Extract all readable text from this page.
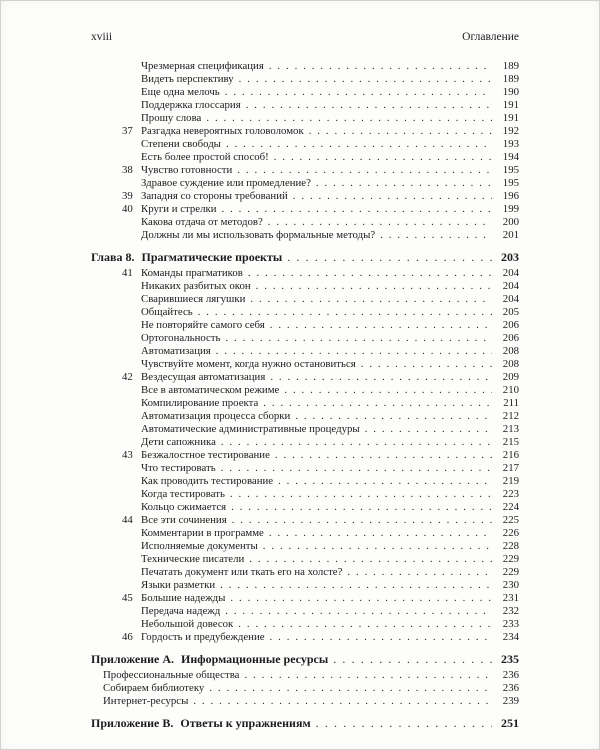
xviii	Оглавление
Чрезмерная спецификация . . .	189
Видеть перспективу . . .	189
Еще одна мелочь . . .	190
Поддержка глоссария . . .	191
Прошу слова . . .	191
37 Разгадка невероятных головоломок . . .	192
Степени свободы . . .	193
Есть более простой способ! . . .	194
38 Чувство готовности . . .	195
Здравое суждение или промедление? . . .	195
39 Западня со стороны требований . . .	196
40 Круги и стрелки . . .	199
Какова отдача от методов? . . .	200
Должны ли мы использовать формальные методы? . . .	201
Глава 8. Прагматические проекты . . .	203
41 Команды прагматиков . . .	204
Никаких разбитых окон . . .	204
Сварившиеся лягушки . . .	204
Общайтесь . . .	205
Не повторяйте самого себя . . .	206
Ортогональность . . .	206
Автоматизация . . .	208
Чувствуйте момент, когда нужно остановиться . . .	208
42 Вездесущая автоматизация . . .	209
Все в автоматическом режиме . . .	210
Компилирование проекта . . .	211
Автоматизация процесса сборки . . .	212
Автоматические административные процедуры . . .	213
Дети сапожника . . .	215
43 Безжалостное тестирование . . .	216
Что тестировать . . .	217
Как проводить тестирование . . .	219
Когда тестировать . . .	223
Кольцо сжимается . . .	224
44 Все эти сочинения . . .	225
Комментарии в программе . . .	226
Исполняемые документы . . .	228
Технические писатели . . .	229
Печатать документ или ткать его на холсте? . . .	229
Языки разметки . . .	230
45 Большие надежды . . .	231
Передача надежд . . .	232
Небольшой довесок . . .	233
46 Гордость и предубеждение . . .	234
Приложение А. Информационные ресурсы . . .	235
Профессиональные общества . . .	236
Собираем библиотеку . . .	236
Интернет-ресурсы . . .	239
Приложение В. Ответы к упражнениям . . .	251
